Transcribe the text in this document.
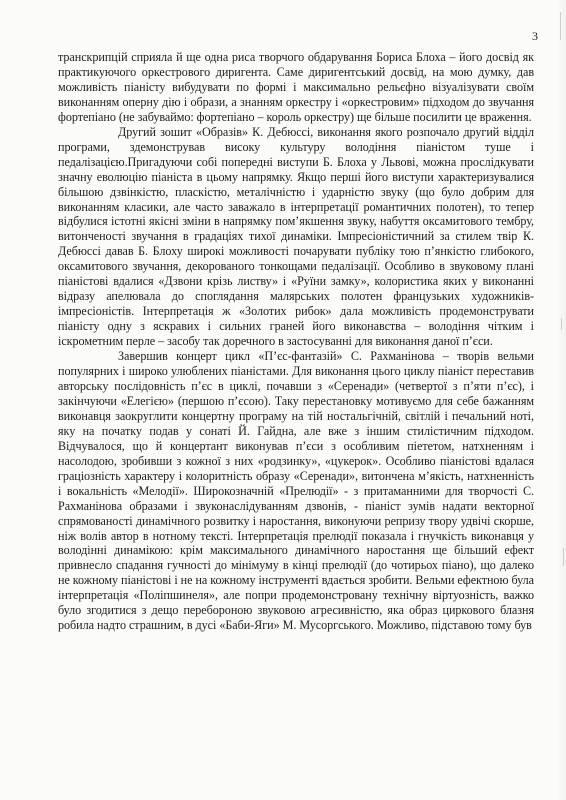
3

транскрипцій сприяла й ще одна риса творчого обдарування Бориса Блоха – його досвід як практикуючого оркестрового диригента. Саме диригентський досвід, на мою думку, дав можливість піаністу вибудувати по формі і максимально рельєфно візуалізувати своїм виконанням оперну дію і образи, а знанням оркестру і «оркестровим» підходом до звучання фортепіано (не забуваймо: фортепіано – король оркестру) ще більше посилити це враження.

Другий зошит «Образів» К. Дебюссі, виконання якого розпочало другий відділ програми, здемонстрував високу культуру володіння піаністом туше і педалізацією.Пригадуючи собі попередні виступи Б. Блоха у Львові, можна прослідкувати значну еволюцію піаніста в цьому напрямку. Якщо перші його виступи характеризувалися більшою дзвінкістю, пласкістю, металічністю і ударністю звуку (що було добрим для виконанням класики, але часто заважало в інтерпретації романтичних полотен), то тепер відбулися істотні якісні зміни в напрямку пом’якшення звуку, набуття оксамитового тембру, витонченості звучання в градаціях тихої динаміки. Імпресіоністичний за стилем твір К. Дебюссі давав Б. Блоху широкі можливості почарувати публіку тою п’янкістю глибокого, оксамитового звучання, декорованого тонкощами педалізації. Особливо в звуковому плані піаністові вдалися «Дзвони крізь листву» і «Руїни замку», колористика яких у виконанні відразу апелювала до споглядання малярських полотен французьких художників-імпресіоністів. Інтерпретація ж «Золотих рибок» дала можливість продемонструвати піаністу одну з яскравих і сильних граней його виконавства – володіння чітким і іскрометним перле – засобу так доречного в застосуванні для виконання даної п’єси.

Завершив концерт цикл «П’єс-фантазій» С. Рахманінова – творів вельми популярних і широко улюблених піаністами. Для виконання цього циклу піаніст переставив авторську послідовність п’єс в циклі, почавши з «Серенади» (четвертої з п’яти п’єс), і закінчуючи «Елегією» (першою п’єсою). Таку перестановку мотивуємо для себе бажанням виконавця заокруглити концертну програму на тій ностальгічній, світлій і печальний ноті, яку на початку подав у сонаті Й. Гайдна, але вже з іншим стилістичним підходом. Відчувалося, що й концертант виконував п’єси з особливим піететом, натхненням і насолодою, зробивши з кожної з них «родзинку», «цукерок». Особливо піаністові вдалася граціозність характеру і колоритність образу «Серенади», витончена м’якість, натхненність і вокальність «Мелодії». Широкозначній «Прелюдії» - з притаманними для творчості С. Рахманінова образами і звуконаслідуванням дзвонів, - піаніст зумів надати векторної спрямованості динамічного розвитку і наростання, виконуючи репризу твору удвічі скорше, ніж волів автор в нотному тексті. Інтерпретація прелюдії показала і гнучкість виконавця у володінні динамікою: крім максимального динамічного наростання ще більший ефект привнесло спадання гучності до мінімуму в кінці прелюдії (до чотирьох піано), що далеко не кожному піаністові і не на кожному інструменті вдається зробити. Вельми ефектною була інтерпретація «Поліпшинеля», але попри продемонстровану технічну віртуозність, важко було згодитися з дещо перебороною звуковою агресивністю, яка образ циркового блазня робила надто страшним, в дусі «Баби-Яги» М. Мусоргського. Можливо, підставою тому був
